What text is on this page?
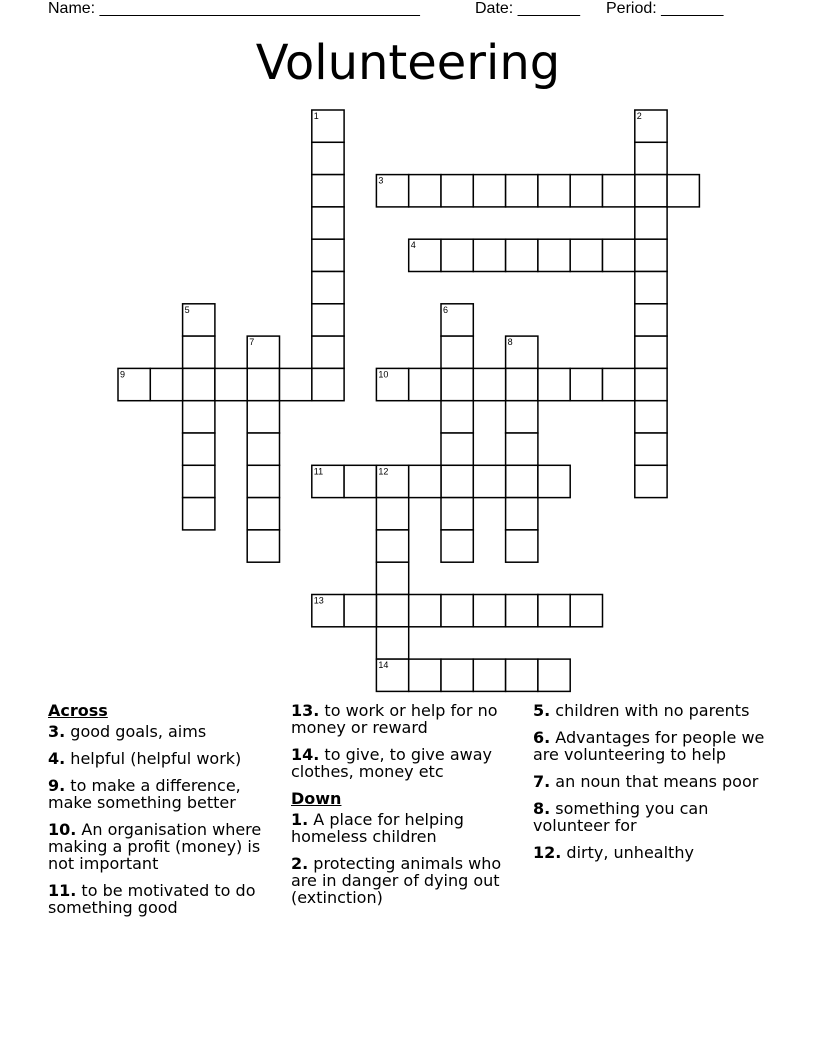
Name: ____________________________________	Date: _______ Period: _______
Volunteering
1	2
3
4
5	6
7	8
9	10
11	12
13
14
Across
3. good goals, aims
4. helpful (helpful work)
9. to make a difference, make something better
10. An organisation where making a profit (money) is not important
11. to be motivated to do something good
13. to work or help for no money or reward
14. to give, to give away clothes, money etc
Down
1. A place for helping homeless children
2. protecting animals who are in danger of dying out (extinction)
5. children with no parents
6. Advantages for people we are volunteering to help
7. an noun that means poor
8. something you can volunteer for
12. dirty, unhealthy
